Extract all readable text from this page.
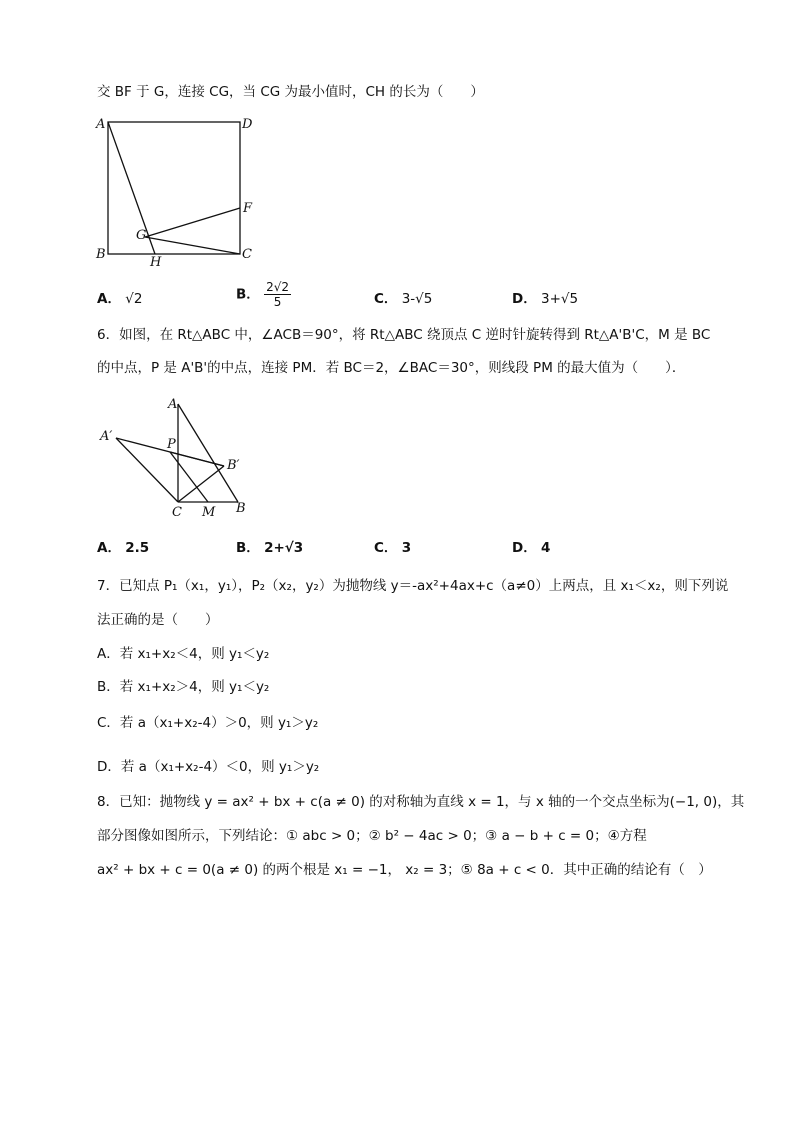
交 BF 于 G，连接 CG，当 CG 为最小值时，CH 的长为（　　）
A	D
F
G
B
H
C
A． √2	B． $\frac{2√2}{5}$	C． 3-√5	D． 3+√5
6．如图，在 Rt△ABC 中，∠ACB＝90°，将 Rt△ABC 绕顶点 C 逆时针旋转得到 Rt△A'B'C，M 是 BC
的中点，P 是 A'B'的中点，连接 PM．若 BC＝2，∠BAC＝30°，则线段 PM 的最大值为（　　）．
A
A′
P
B′
C M B
A． 2.5	B． 2+√3	C． 3	D． 4
7．已知点 P₁（x₁，y₁），P₂（x₂，y₂）为抛物线 y＝-ax²+4ax+c（a≠0）上两点，且 x₁＜x₂，则下列说
法正确的是（　　）
A．若 x₁+x₂＜4，则 y₁＜y₂
B．若 x₁+x₂＞4，则 y₁＜y₂
C．若 a（x₁+x₂-4）＞0，则 y₁＞y₂
D．若 a（x₁+x₂-4）＜0，则 y₁＞y₂
8．已知：抛物线 y = ax² + bx + c(a ≠ 0) 的对称轴为直线 x = 1，与 x 轴的一个交点坐标为(−1, 0)，其
部分图像如图所示，下列结论：① abc > 0；② b² − 4ac > 0；③ a − b + c = 0；④方程
ax² + bx + c = 0(a ≠ 0) 的两个根是 x₁ = −1， x₂ = 3；⑤ 8a + c < 0．其中正确的结论有（　）
